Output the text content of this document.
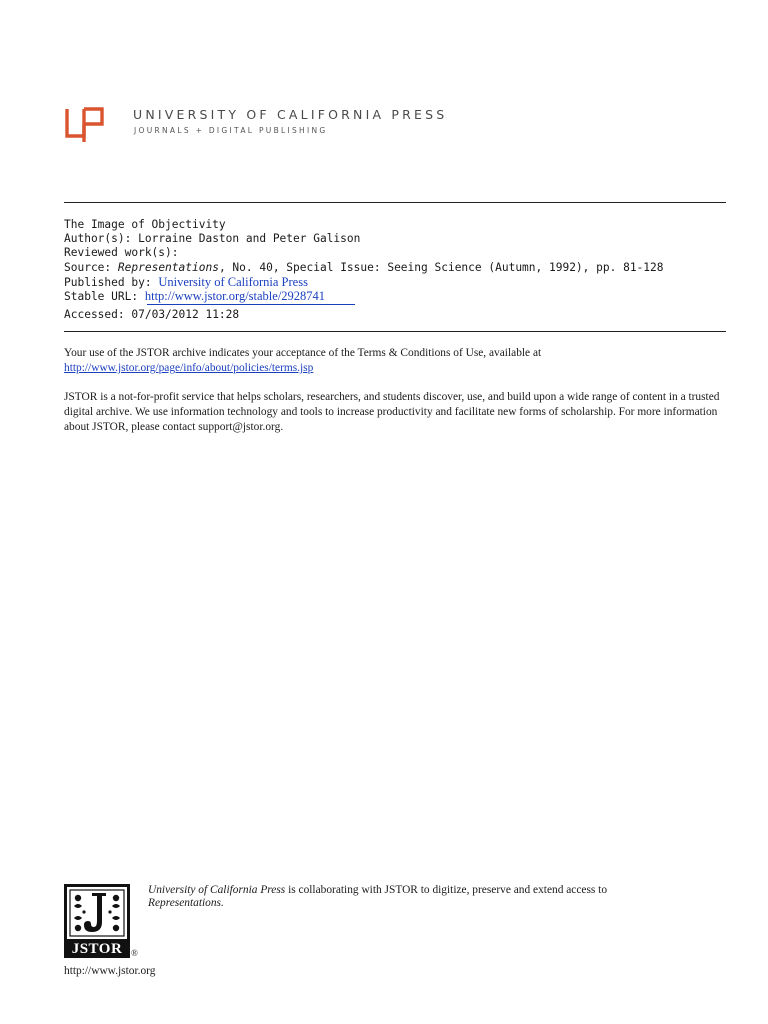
UNIVERSITY OF CALIFORNIA PRESS
JOURNALS + DIGITAL PUBLISHING
The Image of Objectivity
Author(s): Lorraine Daston and Peter Galison
Reviewed work(s):
Source: Representations, No. 40, Special Issue: Seeing Science (Autumn, 1992), pp. 81-128
Published by: University of California Press
Stable URL: http://www.jstor.org/stable/2928741
Accessed: 07/03/2012 11:28
Your use of the JSTOR archive indicates your acceptance of the Terms & Conditions of Use, available at
http://www.jstor.org/page/info/about/policies/terms.jsp
JSTOR is a not-for-profit service that helps scholars, researchers, and students discover, use, and build upon a wide range of content in a trusted digital archive. We use information technology and tools to increase productivity and facilitate new forms of scholarship. For more information about JSTOR, please contact support@jstor.org.
JSTOR ®
University of California Press is collaborating with JSTOR to digitize, preserve and extend access to
Representations.
http://www.jstor.org
